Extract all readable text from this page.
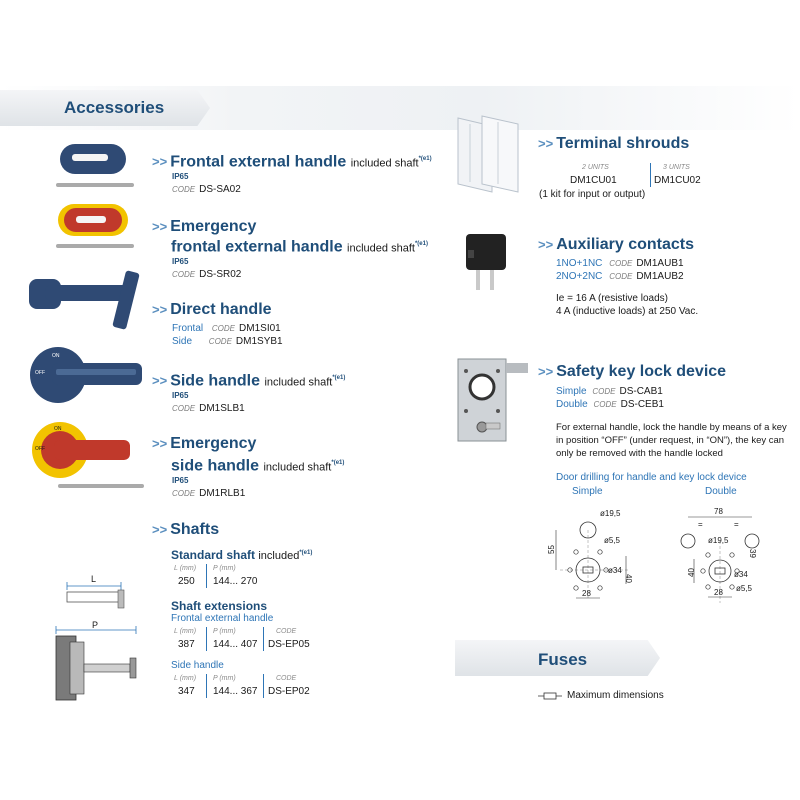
Accessories
>> Frontal external handle included shaft$^{*(e1)}$
IP65
CODE DS-SA02
>> Emergency
frontal external handle included shaft$^{*(e1)}$
IP65
CODE DS-SR02
>> Direct handle
Frontal CODE DM1SI01
Side CODE DM1SYB1
ON
OFF
>> Side handle included shaft$^{*(e1)}$
IP65
CODE DM1SLB1
ON
OFF	>> Emergency
side handle included shaft$^{*(e1)}$
IP65
CODE DM1RLB1
>> Shafts
Standard shaft included$^{*(e1)}$
L (mm) P (mm)
250 144... 270
Shaft extensions
Frontal external handle
L (mm) P (mm)	CODE
387 144... 407 DS-EP05
Side handle
L (mm) P (mm)	CODE
347 144... 367 DS-EP02
L
P
>> Terminal shrouds
2 UNITS	3 UNITS
DM1CU01	DM1CU02
(1 kit for input or output)
>> Auxiliary contacts
1NO+1NC CODE DM1AUB1
2NO+2NC CODE DM1AUB2
Ie = 16 A (resistive loads)
4 A (inductive loads) at 250 Vac.
>> Safety key lock device
Simple CODE DS-CAB1
Double CODE DS-CEB1
For external handle, lock the handle by means of a key in position “OFF” (under request, in “ON”), the key can only be removed with the handle locked
Door drilling for handle and key lock device
Simple	Double
ø19,5
ø5,5
ø34
55
40
28
78
=	=
ø19,5
ø34
ø5,5
39
40
28
Fuses
Maximum dimensions
